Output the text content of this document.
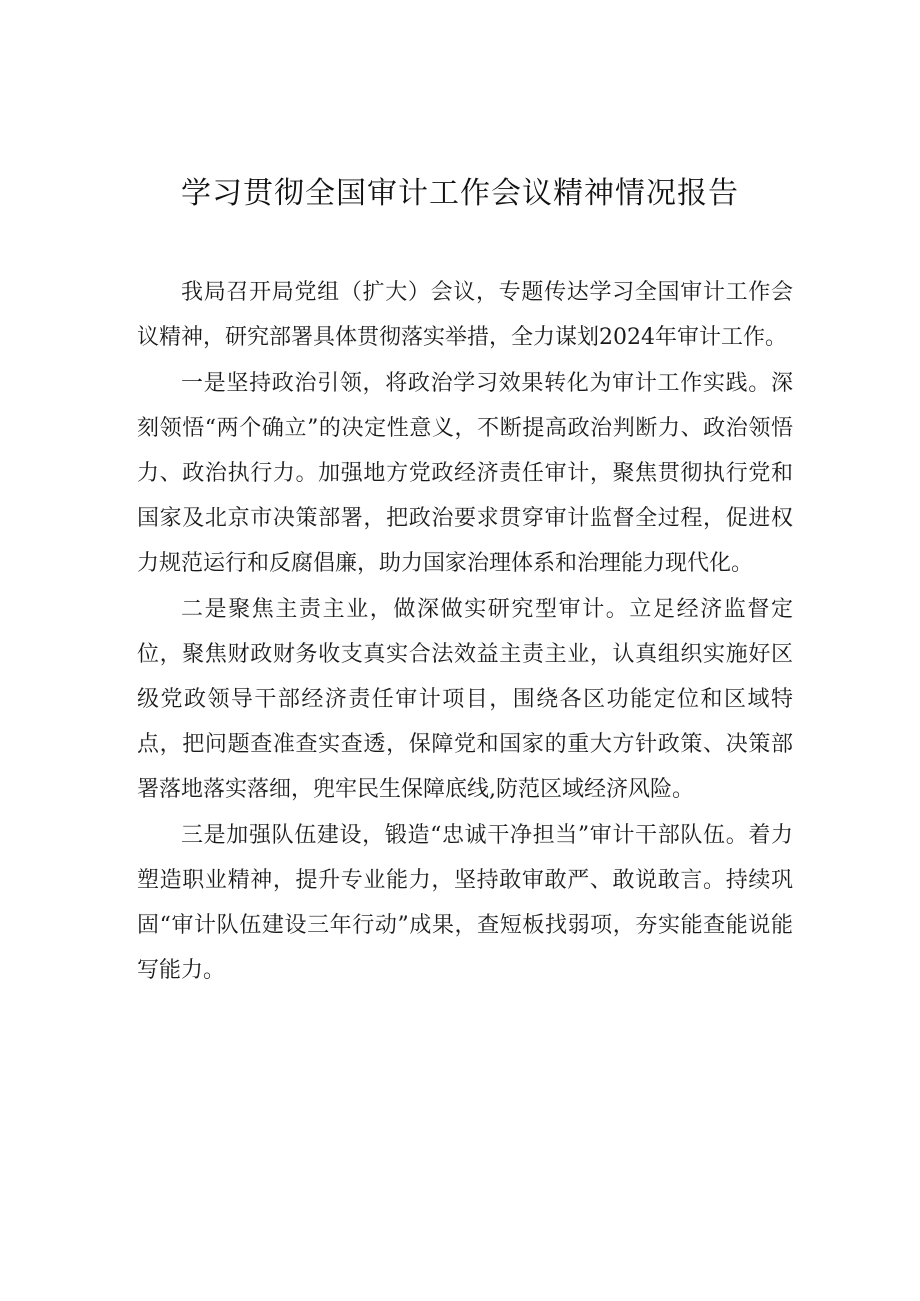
学习贯彻全国审计工作会议精神情况报告

我局召开局党组（扩大）会议，专题传达学习全国审计工作会议精神，研究部署具体贯彻落实举措，全力谋划2024年审计工作。

一是坚持政治引领，将政治学习效果转化为审计工作实践。深刻领悟“两个确立”的决定性意义，不断提高政治判断力、政治领悟力、政治执行力。加强地方党政经济责任审计，聚焦贯彻执行党和国家及北京市决策部署，把政治要求贯穿审计监督全过程，促进权力规范运行和反腐倡廉，助力国家治理体系和治理能力现代化。

二是聚焦主责主业，做深做实研究型审计。立足经济监督定位，聚焦财政财务收支真实合法效益主责主业，认真组织实施好区级党政领导干部经济责任审计项目，围绕各区功能定位和区域特点，把问题查准查实查透，保障党和国家的重大方针政策、决策部署落地落实落细，兜牢民生保障底线,防范区域经济风险。

三是加强队伍建设，锻造“忠诚干净担当”审计干部队伍。着力塑造职业精神，提升专业能力，坚持敢审敢严、敢说敢言。持续巩固“审计队伍建设三年行动”成果，查短板找弱项，夯实能查能说能写能力。
